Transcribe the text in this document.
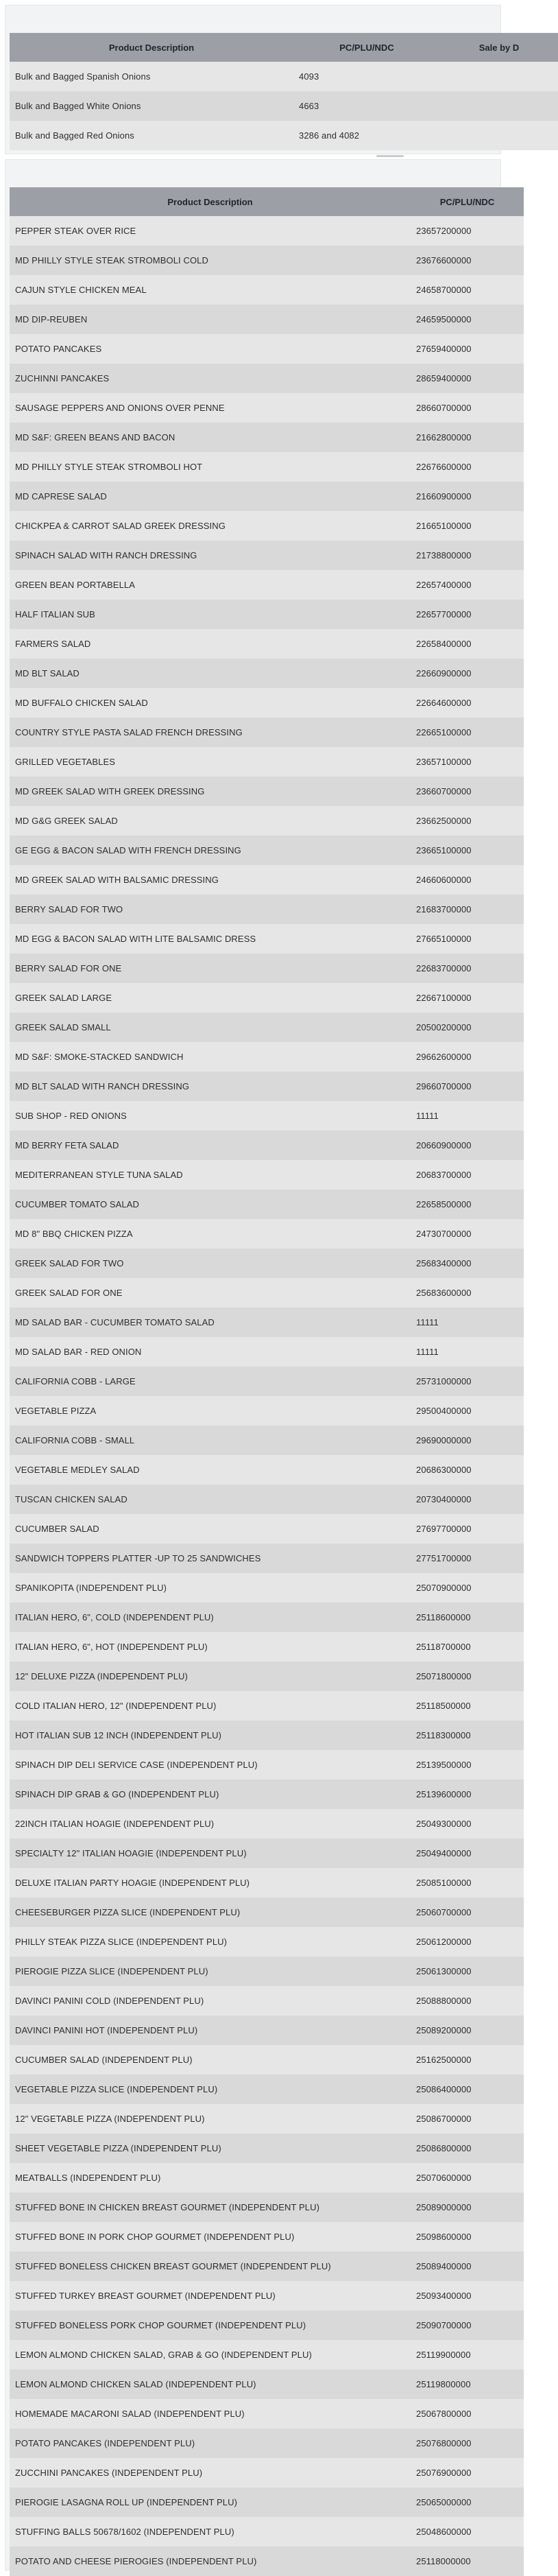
Product Description	PC/PLU/NDC	Sale by D
Bulk and Bagged Spanish Onions	4093	
Bulk and Bagged White Onions	4663	
Bulk and Bagged Red Onions	3286 and 4082	
Product Description	PC/PLU/NDC
PEPPER STEAK OVER RICE	23657200000
MD PHILLY STYLE STEAK STROMBOLI COLD	23676600000
CAJUN STYLE CHICKEN MEAL	24658700000
MD DIP-REUBEN	24659500000
POTATO PANCAKES	27659400000
ZUCHINNI PANCAKES	28659400000
SAUSAGE PEPPERS AND ONIONS OVER PENNE	28660700000
MD S&F: GREEN BEANS AND BACON	21662800000
MD PHILLY STYLE STEAK STROMBOLI HOT	22676600000
MD CAPRESE SALAD	21660900000
CHICKPEA & CARROT SALAD GREEK DRESSING	21665100000
SPINACH SALAD WITH RANCH DRESSING	21738800000
GREEN BEAN PORTABELLA	22657400000
HALF ITALIAN SUB	22657700000
FARMERS SALAD	22658400000
MD BLT SALAD	22660900000
MD BUFFALO CHICKEN SALAD	22664600000
COUNTRY STYLE PASTA SALAD FRENCH DRESSING	22665100000
GRILLED VEGETABLES	23657100000
MD GREEK SALAD WITH GREEK DRESSING	23660700000
MD G&G GREEK SALAD	23662500000
GE EGG & BACON SALAD WITH FRENCH DRESSING	23665100000
MD GREEK SALAD WITH BALSAMIC DRESSING	24660600000
BERRY SALAD FOR TWO	21683700000
MD EGG & BACON SALAD WITH LITE BALSAMIC DRESS	27665100000
BERRY SALAD FOR ONE	22683700000
GREEK SALAD LARGE	22667100000
GREEK SALAD SMALL	20500200000
MD S&F: SMOKE-STACKED SANDWICH	29662600000
MD BLT SALAD WITH RANCH DRESSING	29660700000
SUB SHOP - RED ONIONS	11111
MD BERRY FETA SALAD	20660900000
MEDITERRANEAN STYLE TUNA SALAD	20683700000
CUCUMBER TOMATO SALAD	22658500000
MD 8" BBQ CHICKEN PIZZA	24730700000
GREEK SALAD FOR TWO	25683400000
GREEK SALAD FOR ONE	25683600000
MD SALAD BAR - CUCUMBER TOMATO SALAD	11111
MD SALAD BAR - RED ONION	11111
CALIFORNIA COBB - LARGE	25731000000
VEGETABLE PIZZA	29500400000
CALIFORNIA COBB - SMALL	29690000000
VEGETABLE MEDLEY SALAD	20686300000
TUSCAN CHICKEN SALAD	20730400000
CUCUMBER SALAD	27697700000
SANDWICH TOPPERS PLATTER -UP TO 25 SANDWICHES	27751700000
SPANIKOPITA (INDEPENDENT PLU)	25070900000
ITALIAN HERO, 6", COLD (INDEPENDENT PLU)	25118600000
ITALIAN HERO, 6", HOT (INDEPENDENT PLU)	25118700000
12" DELUXE PIZZA (INDEPENDENT PLU)	25071800000
COLD ITALIAN HERO, 12" (INDEPENDENT PLU)	25118500000
HOT ITALIAN SUB 12 INCH (INDEPENDENT PLU)	25118300000
SPINACH DIP DELI SERVICE CASE (INDEPENDENT PLU)	25139500000
SPINACH DIP GRAB & GO (INDEPENDENT PLU)	25139600000
22INCH ITALIAN HOAGIE (INDEPENDENT PLU)	25049300000
SPECIALTY 12" ITALIAN HOAGIE (INDEPENDENT PLU)	25049400000
DELUXE ITALIAN PARTY HOAGIE (INDEPENDENT PLU)	25085100000
CHEESEBURGER PIZZA SLICE (INDEPENDENT PLU)	25060700000
PHILLY STEAK PIZZA SLICE (INDEPENDENT PLU)	25061200000
PIEROGIE PIZZA SLICE (INDEPENDENT PLU)	25061300000
DAVINCI PANINI COLD (INDEPENDENT PLU)	25088800000
DAVINCI PANINI HOT (INDEPENDENT PLU)	25089200000
CUCUMBER SALAD (INDEPENDENT PLU)	25162500000
VEGETABLE PIZZA SLICE (INDEPENDENT PLU)	25086400000
12" VEGETABLE PIZZA (INDEPENDENT PLU)	25086700000
SHEET VEGETABLE PIZZA (INDEPENDENT PLU)	25086800000
MEATBALLS (INDEPENDENT PLU)	25070600000
STUFFED BONE IN CHICKEN BREAST GOURMET (INDEPENDENT PLU)	25089000000
STUFFED BONE IN PORK CHOP GOURMET (INDEPENDENT PLU)	25098600000
STUFFED BONELESS CHICKEN BREAST GOURMET (INDEPENDENT PLU)	25089400000
STUFFED TURKEY BREAST GOURMET (INDEPENDENT PLU)	25093400000
STUFFED BONELESS PORK CHOP GOURMET (INDEPENDENT PLU)	25090700000
LEMON ALMOND CHICKEN SALAD, GRAB & GO (INDEPENDENT PLU)	25119900000
LEMON ALMOND CHICKEN SALAD (INDEPENDENT PLU)	25119800000
HOMEMADE MACARONI SALAD (INDEPENDENT PLU)	25067800000
POTATO PANCAKES (INDEPENDENT PLU)	25076800000
ZUCCHINI PANCAKES (INDEPENDENT PLU)	25076900000
PIEROGIE LASAGNA ROLL UP (INDEPENDENT PLU)	25065000000
STUFFING BALLS 50678/1602 (INDEPENDENT PLU)	25048600000
POTATO AND CHEESE PIEROGIES (INDEPENDENT PLU)	25118000000
